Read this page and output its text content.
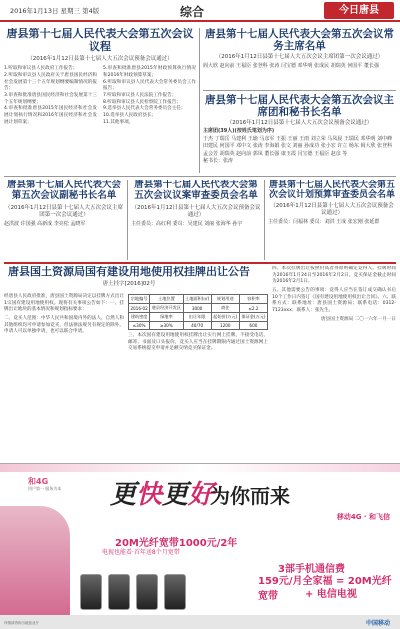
2016年1月13日 星期三 第4版	综合	今日唐县
唐县第十七届人民代表大会第五次会议议程
（2016年1月12日县第十七届人大五次会议预备会议通过）
1.听取和审议县人民政府工作报告；
2.听取和审议县人民政府关于唐县国民经济和社会发展第十三个五年规划纲要编制情况的报告；
3.审查和批准唐县国民经济和社会发展第十三个五年规划纲要；
4.审查和批准唐县2015年国民经济和社会发展计划执行情况和2016年国民经济和社会发展计划草案；
5.审查和批准唐县2015年财政预算执行情况和2016年财政预算草案；
6.听取和审议县人民代表大会常务委员会工作报告；
7.听取和审议县人民法院工作报告；
8.听取和审议县人民检察院工作报告；
9.选举县人民代表大会常务委员会主任；
10.选举县人民政府县长；
11.其他事项。
唐县第十七届人民代表大会第五次会议常务主席名单
（2016年1月12日县第十七届人大五次会议主席团第一次会议通过）
阎大欣 赵向前 王福臣 张登科 张涛 闫宝德 邓华明 张成民 胡瑞英 何国平 董长强
唐县第十七届人民代表大会第五次会议主席团和秘书长名单
（2016年1月12日县第十七届人大五次会议预备会议通过）
主席团(39人)(按姓氏笔划为序)
于杰 丁瑞岳 马建利 王瑜 马彦军 王振 王丽 王雨 刘立荣 马凤晨 王瑞民 邓华明 刘中峰 田建民 何国平 邓中文 张涛 李海娟 张文 刘丽 孙成功 张小宏 许立 杨东 阎大欣 张登科 孟会芳 胡瑞英 赵向前 郭凤 董长强 康玉霞 闫宝德 王福臣 赵彦 等
秘书长：张涛
唐县第十七届人民代表大会第五次会议副秘书长名单
（2016年1月12日县第十七届人大五次会议主席团第一次会议通过）
赵洪波 许国强 高新成 李亮松 孟晓军
唐县第十七届人民代表大会第五次会议议案审查委员会名单
（2016年1月12日县第十七届人大五次会议预备会议通过）
主任委员：高红利 委员：吴建民 刘丽 张海华 孙宇
唐县第十七届人民代表大会第五次会议计划预算审查委员会名单
（2016年1月12日县第十七届人大五次会议预备会议通过）
主任委员：闫福林 委员：刘洪 王成 张宏刚 张延群
唐县国土资源局国有建设用地使用权挂牌出让公告
唐土挂字[2016]02号
经唐县人民政府批准，唐县国土资源局决定以挂牌方式出让1宗国有建设用地使用权。现将有关事项公告如下：一、挂牌出让地块的基本情况和规划指标要求：
二、竞买人范围：中华人民共和国境内外的法人、自然人和其他组织均可申请参加竞买，但法律法规另有规定的除外。申请人可以单独申请，也可以联合申请。
宗地编号	土地位置	土地面积(㎡)	规划用途	容积率
2016-02	唐县经济开发区	3000	商住	≤2.2
建筑密度	绿地率	出让年限	起始价(万元)	保证金(万元)
≤30%	≥30%	40/70	1200	600
三、本次国有建设用地使用权挂牌出让实行网上挂牌，不接受电话、邮寄、书面及口头报价。竞买人应当在挂牌期限内通过国土资源网上交易系统提交申请并足额交纳竞买保证金。
四、本次挂牌出让按照价高者得原则确定竞得人。挂牌时间为2016年1月24日至2016年2月2日。竞买保证金截止时间为2016年2月1日。
五、其他需要公告的事项：竞得人应当在签订成交确认书后10个工作日内签订《国有建设用地使用权出让合同》。六、联系方式：联系地址：唐县国土资源局；联系电话：0312-7123xxx；联系人：张先生。
唐县国土资源局 二〇一六年一月一日
和4G
用户第一 服务为本 更快更好
为你而来
移动4G · 和飞信
20M光纤宽带1000元/2年
电视也能看·首年送8个月宽带
3部手机通信费
159元/月全家福 = 20M光纤宽带	+ 电信电视
详情请咨询当地营业厅	中国移动
